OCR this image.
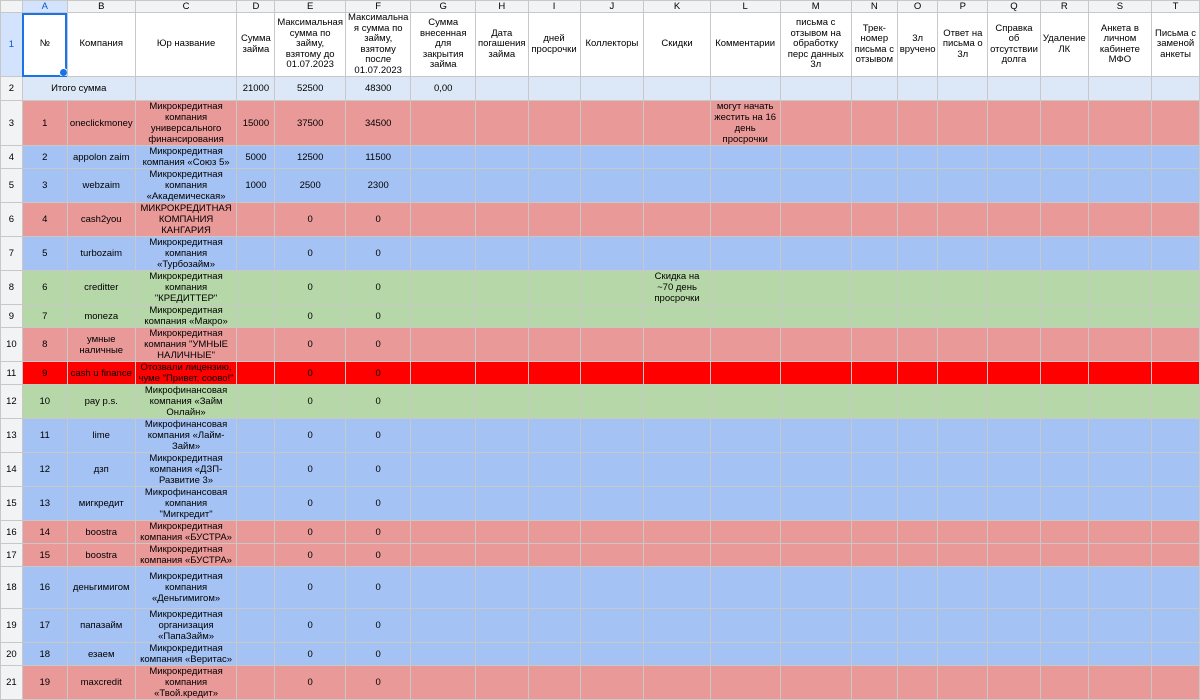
	A	B	C	D	E	F	G	H	I	J	K	L	M	N	O	P	Q	R	S	T
1	№	Компания	Юр название	Сумма займа	Максимальная сумма по займу, взятому до 01.07.2023	Максимальна я сумма по займу, взятому после 01.07.2023	Сумма внесенная для закрытия займа	Дата погашения займа	дней просрочки	Коллекторы	Скидки	Комментарии	письма с отзывом на обработку перс данных 3л	Трек-номер письма с отзывом	3л вручено	Ответ на письма о 3л	Справка об отсутствии долга	Удаление ЛК	Анкета в личном кабинете МФО	Письма с заменой анкеты
2	Итого сумма			21000	52500	48300	0,00													
3	1	oneclickmoney	Микрокредитная компания универсального финансирования	15000	37500	34500						могут начать жестить на 16 день просрочки								
4	2	appolon zaim	Микрокредитная компания «Союз 5»	5000	12500	11500														
5	3	webzaim	Микрокредитная компания «Академическая»	1000	2500	2300														
6	4	cash2you	МИКРОКРЕДИТНАЯ КОМПАНИЯ КАНГАРИЯ		0	0														
7	5	turbozaim	Микрокредитная компания «Турбозайм»		0	0														
8	6	creditter	Микрокредитная компания "КРЕДИТТЕР"		0	0					Скидка на ~70 день просрочки									
9	7	moneza	Микрокредитная компания «Макро»		0	0														
10	8	умные наличные	Микрокредитная компания "УМНЫЕ НАЛИЧНЫЕ"		0	0														
11	9	cash u finance	Отозвали лицензию, чуме "Привет, соово!"		0	0														
12	10	pay p.s.	Микрофинансовая компания «Займ Онлайн»		0	0														
13	11	lime	Микрофинансовая компания «Лайм-Займ»		0	0														
14	12	дзп	Микрокредитная компания «ДЗП-Развитие 3»		0	0														
15	13	мигкредит	Микрофинансовая компания "Мигкредит"		0	0														
16	14	boostra	Микрокредитная компания «БУСТРА»		0	0														
17	15	boostra	Микрокредитная компания «БУСТРА»		0	0														
18	16	деньгимигом	Микрокредитная компания «Деньгимигом»		0	0														
19	17	папазайм	Микрокредитная организация «ПапаЗайм»		0	0														
20	18	езаем	Микрокредитная компания «Веритас»		0	0														
21	19	maxcredit	Микрокредитная компания «Твой.кредит»		0	0														
